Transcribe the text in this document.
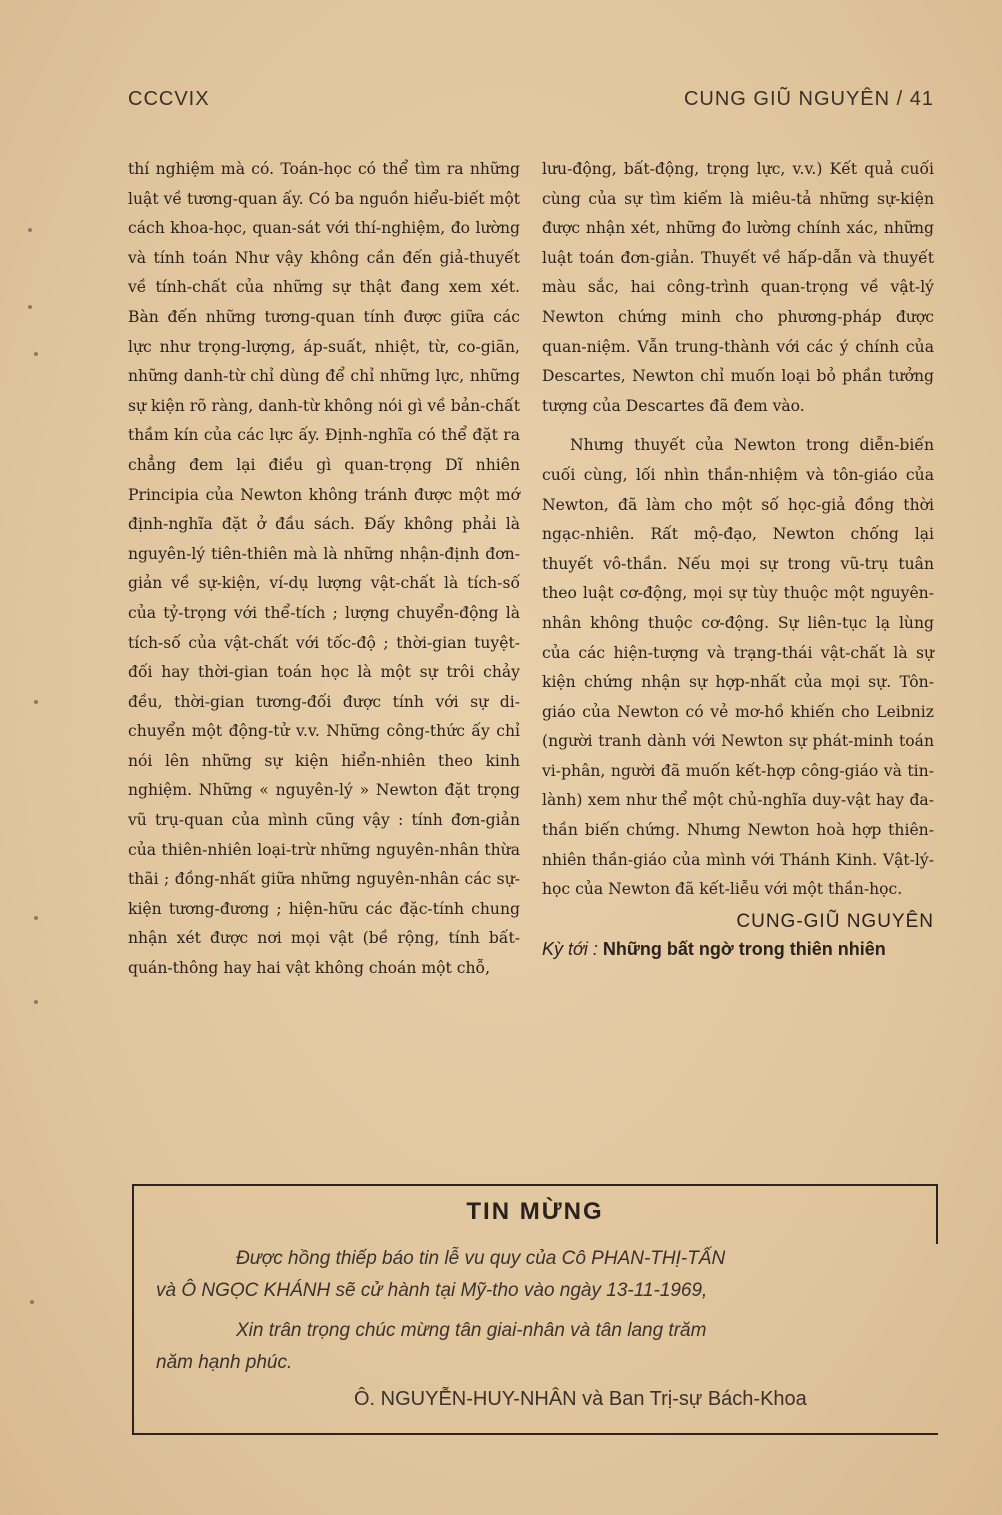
CCCVIX	CUNG GIŨ NGUYÊN / 41

thí nghiệm mà có. Toán-học có thể tìm ra những luật về tương-quan ấy. Có ba nguồn hiểu-biết một cách khoa-học, quan-sát với thí-nghiệm, đo lường và tính toán Như vậy không cần đến giả-thuyết về tính-chất của những sự thật đang xem xét. Bàn đến những tương-quan tính được giữa các lực như trọng-lượng, áp-suất, nhiệt, từ, co-giãn, những danh-từ chỉ dùng để chỉ những lực, những sự kiện rõ ràng, danh-từ không nói gì về bản-chất thầm kín của các lực ấy. Định-nghĩa có thể đặt ra chẳng đem lại điều gì quan-trọng Dĩ nhiên Principia của Newton không tránh được một mớ định-nghĩa đặt ở đầu sách. Đấy không phải là nguyên-lý tiên-thiên mà là những nhận-định đơn-giản về sự-kiện, ví-dụ lượng vật-chất là tích-số của tỷ-trọng với thể-tích ; lượng chuyển-động là tích-số của vật-chất với tốc-độ ; thời-gian tuyệt-đối hay thời-gian toán học là một sự trôi chảy đều, thời-gian tương-đối được tính với sự di-chuyển một động-tử v.v. Những công-thức ấy chỉ nói lên những sự kiện hiển-nhiên theo kinh nghiệm. Những « nguyên-lý » Newton đặt trọng vũ trụ-quan của mình cũng vậy : tính đơn-giản của thiên-nhiên loại-trừ những nguyên-nhân thừa thãi ; đồng-nhất giữa những nguyên-nhân các sự-kiện tương-đương ; hiện-hữu các đặc-tính chung nhận xét được nơi mọi vật (bề rộng, tính bất-quán-thông hay hai vật không choán một chỗ,

lưu-động, bất-động, trọng lực, v.v.) Kết quả cuối cùng của sự tìm kiếm là miêu-tả những sự-kiện được nhận xét, những đo lường chính xác, những luật toán đơn-giản. Thuyết về hấp-dẫn và thuyết màu sắc, hai công-trình quan-trọng về vật-lý Newton chứng minh cho phương-pháp được quan-niệm. Vẫn trung-thành với các ý chính của Descartes, Newton chỉ muốn loại bỏ phần tưởng tượng của Descartes đã đem vào.

Nhưng thuyết của Newton trong diễn-biến cuối cùng, lối nhìn thần-nhiệm và tôn-giáo của Newton, đã làm cho một số học-giả đồng thời ngạc-nhiên. Rất mộ-đạo, Newton chống lại thuyết vô-thần. Nếu mọi sự trong vũ-trụ tuân theo luật cơ-động, mọi sự tùy thuộc một nguyên-nhân không thuộc cơ-động. Sự liên-tục lạ lùng của các hiện-tượng và trạng-thái vật-chất là sự kiện chứng nhận sự hợp-nhất của mọi sự. Tôn-giáo của Newton có vẻ mơ-hồ khiến cho Leibniz (người tranh dành với Newton sự phát-minh toán vi-phân, người đã muốn kết-hợp công-giáo và tin-lành) xem như thể một chủ-nghĩa duy-vật hay đa-thần biến chứng. Nhưng Newton hoà hợp thiên-nhiên thần-giáo của mình với Thánh Kinh. Vật-lý-học của Newton đã kết-liễu với một thần-học.

CUNG-GIŨ NGUYÊN
Kỳ tới : Những bất ngờ trong thiên nhiên
TIN MỪNG
Được hồng thiếp báo tin lễ vu quy của Cô PHAN-THỊ-TẤN
và Ô NGỌC KHÁNH sẽ cử hành tại Mỹ-tho vào ngày 13-11-1969,
Xin trân trọng chúc mừng tân giai-nhân và tân lang trăm
năm hạnh phúc.
Ô. NGUYỄN-HUY-NHÂN và Ban Trị-sự Bách-Khoa
